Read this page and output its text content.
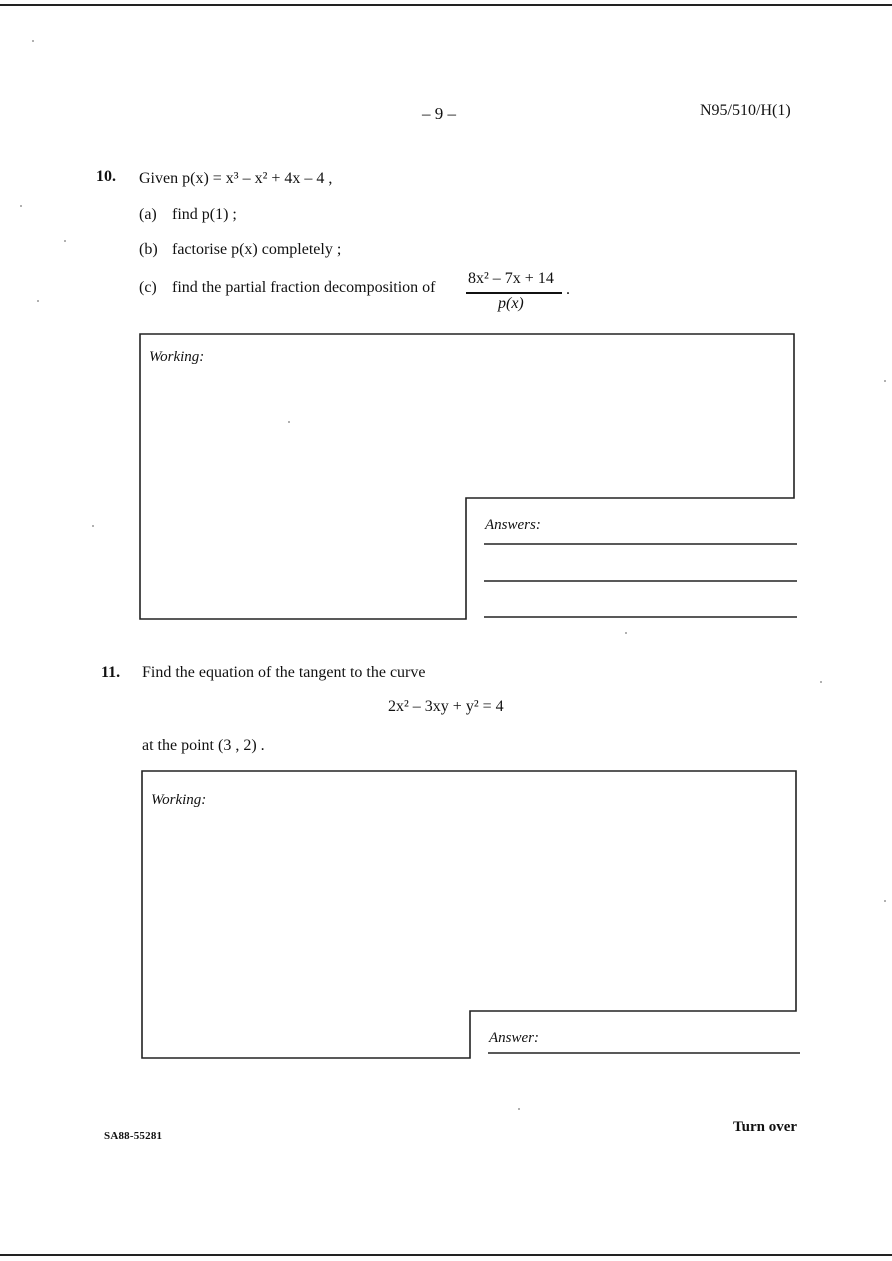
– 9 –	N95/510/H(1)
10. Given p(x) = x³ – x² + 4x – 4 ,
(a) find p(1) ;
(b) factorise p(x) completely ;
(c) find the partial fraction decomposition of
8x² – 7x + 14
p(x)
.
Working:
Answers:
11. Find the equation of the tangent to the curve
2x² – 3xy + y² = 4
at the point (3 , 2) .
Working:
Answer:
SA88-55281
Turn over
